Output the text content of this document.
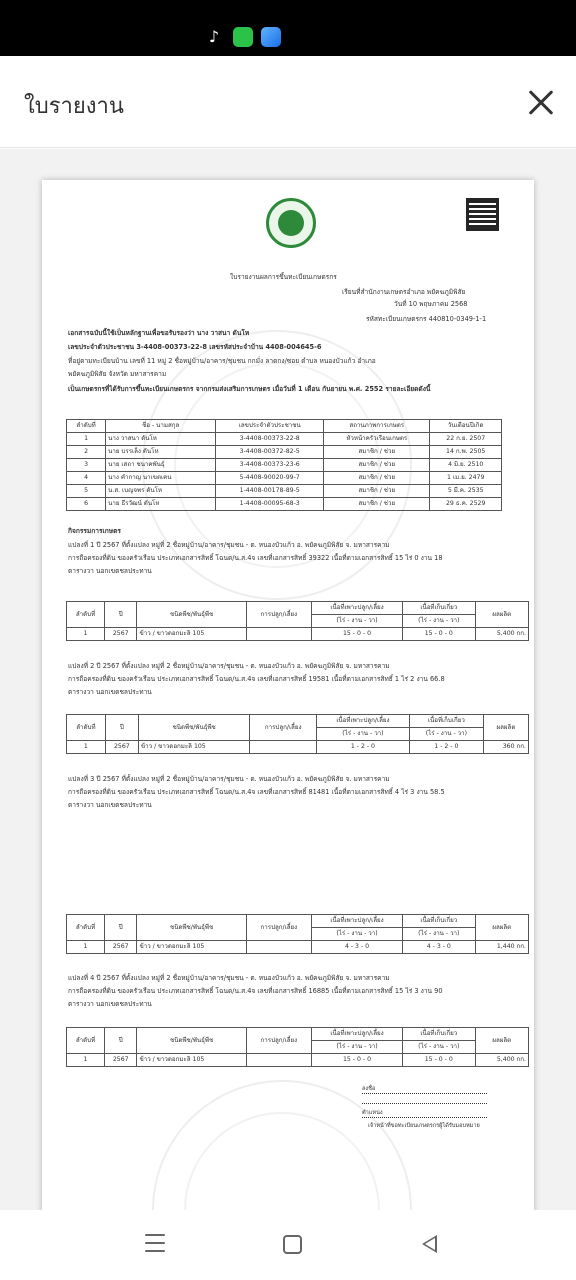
♪
ใบรายงาน
ใบรายงานผลการขึ้นทะเบียนเกษตรกร
เรียนที่สำนักงานเกษตรอำเภอ พยัคฆภูมิพิสัย
วันที่ 10 พฤษภาคม 2568
รหัสทะเบียนเกษตรกร 440810-0349-1-1
เอกสารฉบับนี้ใช้เป็นหลักฐานเพื่อขอรับรองว่า นาง วาสนา ดันโห
เลขประจำตัวประชาชน 3-4408-00373-22-8 เลขรหัสประจำบ้าน 4408-004645-6
ที่อยู่ตามทะเบียนบ้าน เลขที่ 11 หมู่ 2 ชื่อหมู่บ้าน/อาคาร/ชุมชน กกมั่ง ลาดกง/ซอย ตำบล หนองบัวแก้ว อำเภอ
พยัคฆภูมิพิสัย จังหวัด มหาสารคาม
เป็นเกษตรกรที่ได้รับการขึ้นทะเบียนเกษตรกร จากกรมส่งเสริมการเกษตร เมื่อวันที่ 1 เดือน กันยายน พ.ศ. 2552 รายละเอียดดังนี้
ลำดับที่	ชื่อ - นามสกุล	เลขประจำตัวประชาชน	สถานภาพการเกษตร	วันเดือนปีเกิด
1	นาง วาสนา ดันโห	3-4408-00373-22-8	หัวหน้าครัวเรือนเกษตร	22 ก.ย. 2507
2	นาย บรรเล็ง ดันโห	3-4408-00372-82-5	สมาชิก / ช่วย	14 ก.พ. 2505
3	นาย เสถา ชนาคพันธุ์	3-4408-00373-23-6	สมาชิก / ช่วย	4 มิ.ย. 2510
4	นาง คำกาญ นาเขตเคน	5-4408-90020-99-7	สมาชิก / ช่วย	1 เม.ย. 2479
5	น.ส. เบญจพร ดันโห	1-4408-00178-89-5	สมาชิก / ช่วย	5 มี.ค. 2535
6	นาย ธีรวัฒน์ ดันโห	1-4408-00095-68-3	สมาชิก / ช่วย	29 ธ.ค. 2529
กิจกรรมการเกษตร
แปลงที่ 1 ปี 2567 ที่ตั้งแปลง หมู่ที่ 2 ชื่อหมู่บ้าน/อาคาร/ชุมชน - ต. หนองบัวแก้ว อ. พยัคฆภูมิพิสัย จ. มหาสารคาม
การถือครองที่ดิน ของครัวเรือน ประเภทเอกสารสิทธิ์ โฉนด/น.ส.4จ เลขที่เอกสารสิทธิ์ 39322 เนื้อที่ตามเอกสารสิทธิ์ 15 ไร่ 0 งาน 18
ตารางวา นอกเขตชลประทาน
ลำดับที่	ปี	ชนิดพืช/พันธุ์พืช	การปลูก/เลี้ยง	เนื้อที่เพาะปลูก/เลี้ยง	เนื้อที่เก็บเกี่ยว	ผลผลิต
				(ไร่ - งาน - วา)	(ไร่ - งาน - วา)	
1	2567	ข้าว / ขาวดอกมะลิ 105		15 - 0 - 0	15 - 0 - 0	5,400 กก.
แปลงที่ 2 ปี 2567 ที่ตั้งแปลง หมู่ที่ 2 ชื่อหมู่บ้าน/อาคาร/ชุมชน - ต. หนองบัวแก้ว อ. พยัคฆภูมิพิสัย จ. มหาสารคาม
การถือครองที่ดิน ของครัวเรือน ประเภทเอกสารสิทธิ์ โฉนด/น.ส.4จ เลขที่เอกสารสิทธิ์ 19581 เนื้อที่ตามเอกสารสิทธิ์ 1 ไร่ 2 งาน 66.8
ตารางวา นอกเขตชลประทาน
ลำดับที่	ปี	ชนิดพืช/พันธุ์พืช	การปลูก/เลี้ยง	เนื้อที่เพาะปลูก/เลี้ยง	เนื้อที่เก็บเกี่ยว	ผลผลิต
				(ไร่ - งาน - วา)	(ไร่ - งาน - วา)	
1	2567	ข้าว / ขาวดอกมะลิ 105		1 - 2 - 0	1 - 2 - 0	360 กก.
แปลงที่ 3 ปี 2567 ที่ตั้งแปลง หมู่ที่ 2 ชื่อหมู่บ้าน/อาคาร/ชุมชน - ต. หนองบัวแก้ว อ. พยัคฆภูมิพิสัย จ. มหาสารคาม
การถือครองที่ดิน ของครัวเรือน ประเภทเอกสารสิทธิ์ โฉนด/น.ส.4จ เลขที่เอกสารสิทธิ์ 81481 เนื้อที่ตามเอกสารสิทธิ์ 4 ไร่ 3 งาน 58.5
ตารางวา นอกเขตชลประทาน
ลำดับที่	ปี	ชนิดพืช/พันธุ์พืช	การปลูก/เลี้ยง	เนื้อที่เพาะปลูก/เลี้ยง	เนื้อที่เก็บเกี่ยว	ผลผลิต
				(ไร่ - งาน - วา)	(ไร่ - งาน - วา)	
1	2567	ข้าว / ขาวดอกมะลิ 105		4 - 3 - 0	4 - 3 - 0	1,440 กก.
แปลงที่ 4 ปี 2567 ที่ตั้งแปลง หมู่ที่ 2 ชื่อหมู่บ้าน/อาคาร/ชุมชน - ต. หนองบัวแก้ว อ. พยัคฆภูมิพิสัย จ. มหาสารคาม
การถือครองที่ดิน ของครัวเรือน ประเภทเอกสารสิทธิ์ โฉนด/น.ส.4จ เลขที่เอกสารสิทธิ์ 16885 เนื้อที่ตามเอกสารสิทธิ์ 15 ไร่ 3 งาน 90
ตารางวา นอกเขตชลประทาน
ลำดับที่	ปี	ชนิดพืช/พันธุ์พืช	การปลูก/เลี้ยง	เนื้อที่เพาะปลูก/เลี้ยง	เนื้อที่เก็บเกี่ยว	ผลผลิต
				(ไร่ - งาน - วา)	(ไร่ - งาน - วา)	
1	2567	ข้าว / ขาวดอกมะลิ 105		15 - 0 - 0	15 - 0 - 0	5,400 กก.
ลงชื่อ
ตำแหน่ง
เจ้าหน้าที่ขอทะเบียนเกษตรกรผู้ได้รับมอบหมาย
